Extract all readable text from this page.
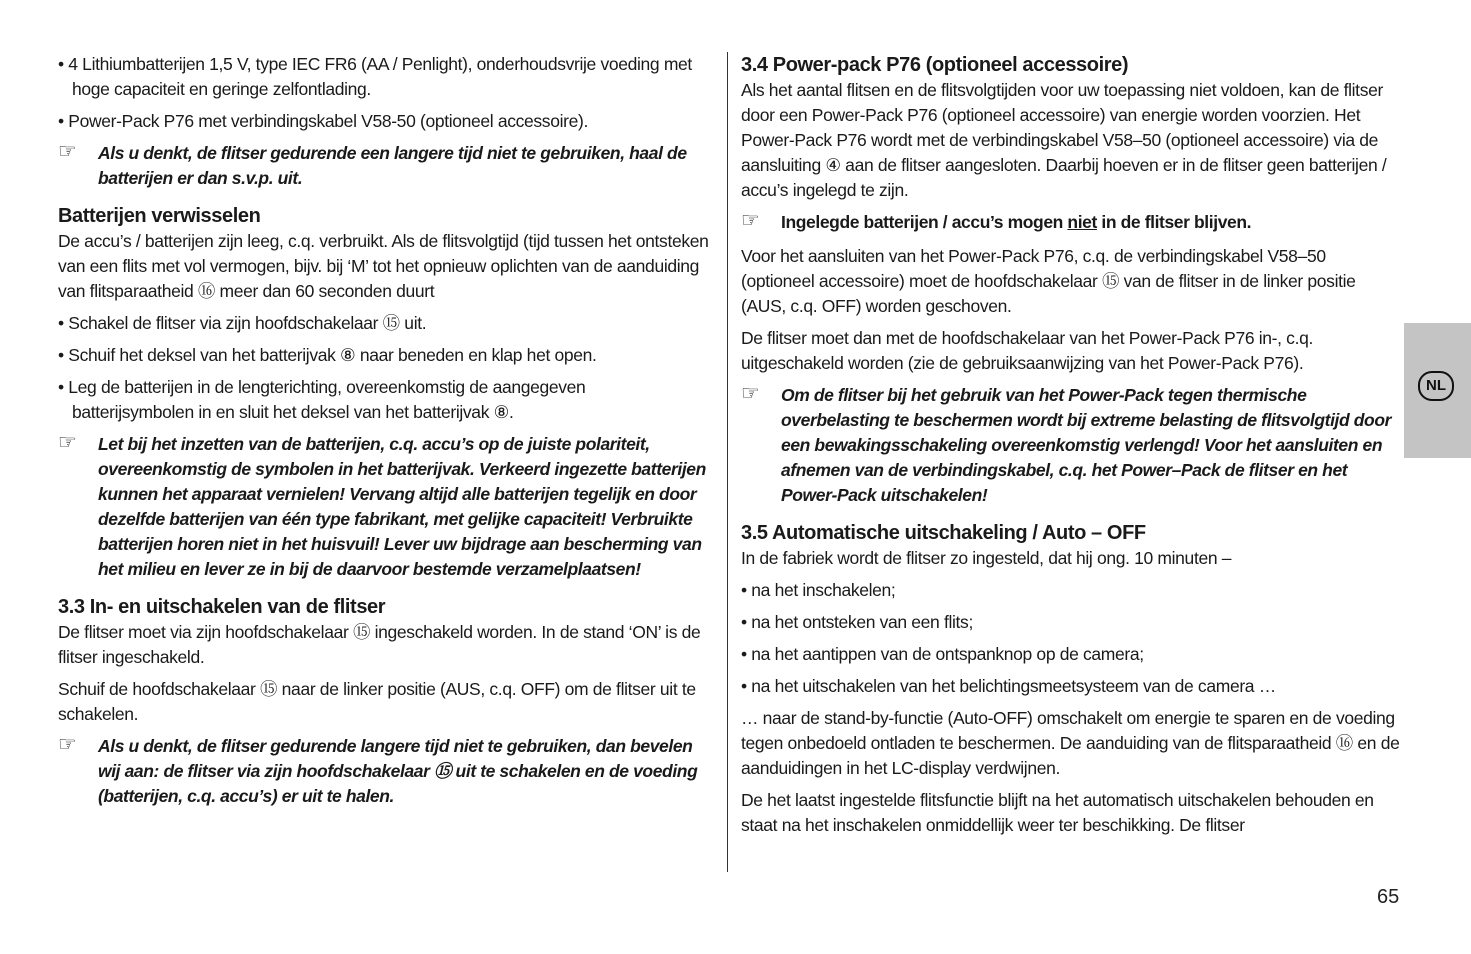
• 4 Lithiumbatterijen 1,5 V, type IEC FR6 (AA / Penlight), onderhoudsvrije voeding met hoge capaciteit en geringe zelfontlading.

• Power-Pack P76 met verbindingskabel V58-50 (optioneel accessoire).

☞ Als u denkt, de flitser gedurende een langere tijd niet te gebruiken, haal de batterijen er dan s.v.p. uit.
Batterijen verwisselen

De accu’s / batterijen zijn leeg, c.q. verbruikt. Als de flitsvolgtijd (tijd tussen het ontsteken van een flits met vol vermogen, bijv. bij ‘M’ tot het opnieuw oplichten van de aanduiding van flitsparaatheid ⑯ meer dan 60 seconden duurt

• Schakel de flitser via zijn hoofdschakelaar ⑮ uit.

• Schuif het deksel van het batterijvak ⑧ naar beneden en klap het open.

• Leg de batterijen in de lengterichting, overeenkomstig de aangegeven batterijsymbolen in en sluit het deksel van het batterijvak ⑧.

☞ Let bij het inzetten van de batterijen, c.q. accu’s op de juiste polariteit, overeenkomstig de symbolen in het batterijvak. Verkeerd ingezette batterijen kunnen het apparaat vernielen! Vervang altijd alle batterijen tegelijk en door dezelfde batterijen van één type fabrikant, met gelijke capaciteit! Verbruikte batterijen horen niet in het huisvuil! Lever uw bijdrage aan bescherming van het milieu en lever ze in bij de daarvoor bestemde verzamelplaatsen!
3.3 In- en uitschakelen van de flitser

De flitser moet via zijn hoofdschakelaar ⑮ ingeschakeld worden. In de stand ‘ON’ is de flitser ingeschakeld.

Schuif de hoofdschakelaar ⑮ naar de linker positie (AUS, c.q. OFF) om de flitser uit te schakelen.

☞ Als u denkt, de flitser gedurende langere tijd niet te gebruiken, dan bevelen wij aan: de flitser via zijn hoofdschakelaar ⑮ uit te schakelen en de voeding (batterijen, c.q. accu’s) er uit te halen.
3.4 Power-pack P76 (optioneel accessoire)

Als het aantal flitsen en de flitsvolgtijden voor uw toepassing niet voldoen, kan de flitser door een Power-Pack P76 (optioneel accessoire) van energie worden voorzien. Het Power-Pack P76 wordt met de verbindingskabel V58–50 (optioneel accessoire) via de aansluiting ④ aan de flitser aangesloten. Daarbij hoeven er in de flitser geen batterijen / accu’s ingelegd te zijn.

☞ Ingelegde batterijen / accu’s mogen niet in de flitser blijven.

Voor het aansluiten van het Power-Pack P76, c.q. de verbindingskabel V58–50 (optioneel accessoire) moet de hoofdschakelaar ⑮ van de flitser in de linker positie (AUS, c.q. OFF) worden geschoven.

De flitser moet dan met de hoofdschakelaar van het Power-Pack P76 in-, c.q. uitgeschakeld worden (zie de gebruiksaanwijzing van het Power-Pack P76).

☞ Om de flitser bij het gebruik van het Power-Pack tegen thermische overbelasting te beschermen wordt bij extreme belasting de flitsvolgtijd door een bewakingsschakeling overeenkomstig verlengd! Voor het aansluiten en afnemen van de verbindingskabel, c.q. het Power–Pack de flitser en het Power-Pack uitschakelen!
3.5 Automatische uitschakeling / Auto – OFF

In de fabriek wordt de flitser zo ingesteld, dat hij ong. 10 minuten –

• na het inschakelen;

• na het ontsteken van een flits;

• na het aantippen van de ontspanknop op de camera;

• na het uitschakelen van het belichtingsmeetsysteem van de camera …

… naar de stand-by-functie (Auto-OFF) omschakelt om energie te sparen en de voeding tegen onbedoeld ontladen te beschermen. De aanduiding van de flitsparaatheid ⑯ en de aanduidingen in het LC-display verdwijnen.

De het laatst ingestelde flitsfunctie blijft na het automatisch uitschakelen behouden en staat na het inschakelen onmiddellijk weer ter beschikking. De flitser

NL
65
